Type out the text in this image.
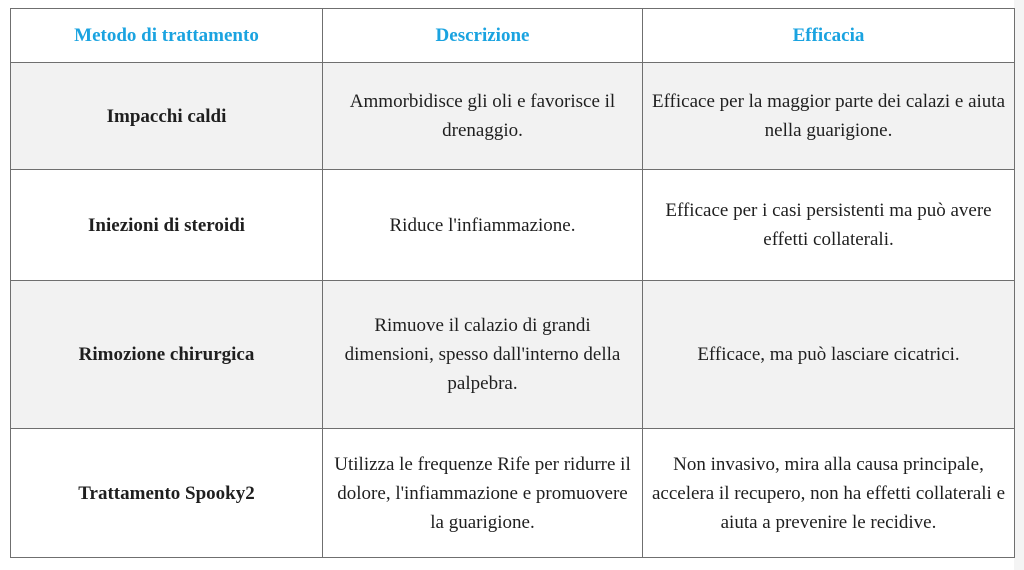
Metodo di trattamento	Descrizione	Efficacia
Impacchi caldi	Ammorbidisce gli oli e favorisce il drenaggio.	Efficace per la maggior parte dei calazi e aiuta nella guarigione.
Iniezioni di steroidi	Riduce l'infiammazione.	Efficace per i casi persistenti ma può avere effetti collaterali.
Rimozione chirurgica	Rimuove il calazio di grandi dimensioni, spesso dall'interno della palpebra.	Efficace, ma può lasciare cicatrici.
Trattamento Spooky2	Utilizza le frequenze Rife per ridurre il dolore, l'infiammazione e promuovere la guarigione.	Non invasivo, mira alla causa principale, accelera il recupero, non ha effetti collaterali e aiuta a prevenire le recidive.
